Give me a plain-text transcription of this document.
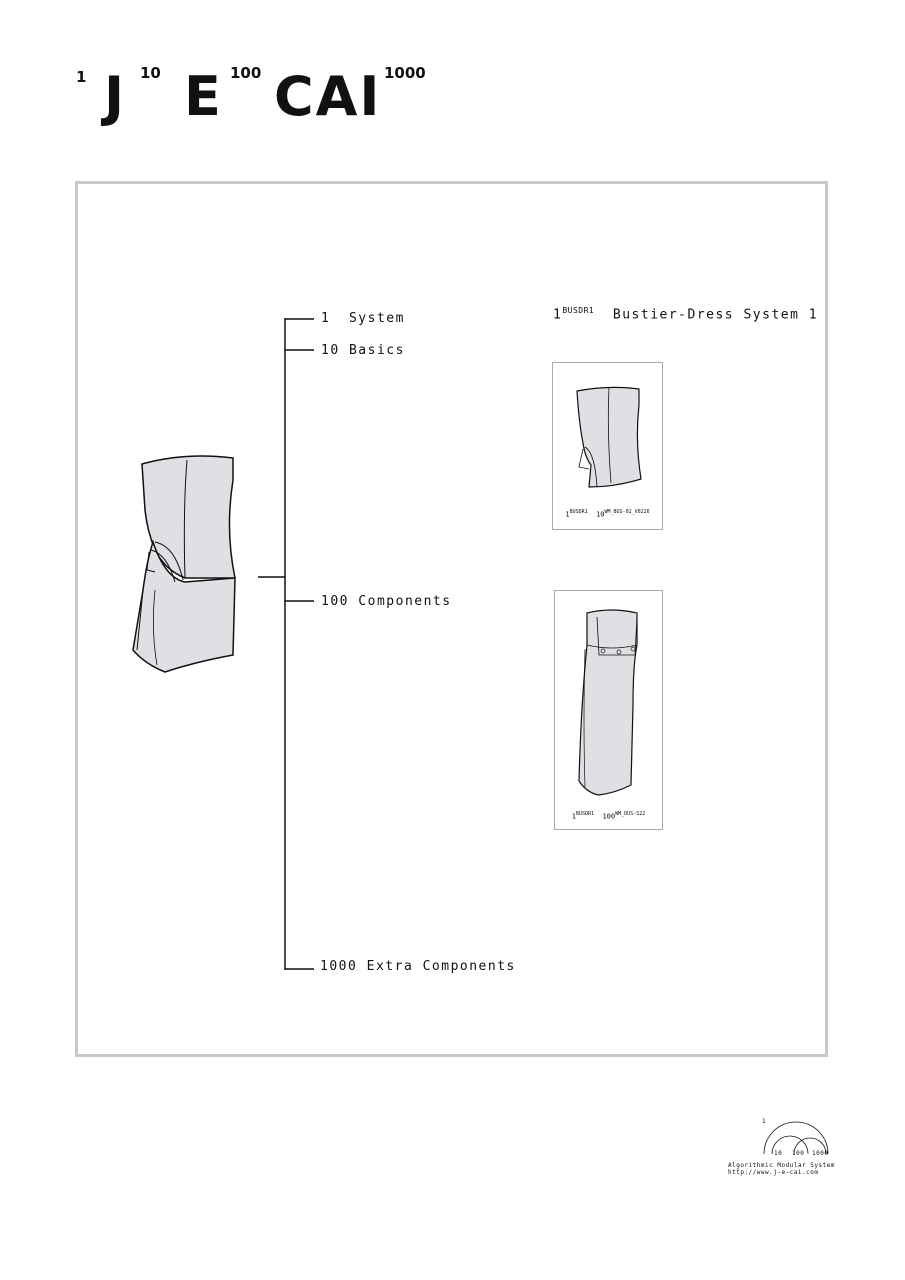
1 J 10 E 100 CAI 1000
1  System
10 Basics
100 Components
1000 Extra Components
$1^{BUSDR1}$ Bustier-Dress System 1
$1^{BUSDR1}$ $10^{WM\_BUS-02\_V0226}$
$1^{BUSDR1}$ $100^{WM\_DUS-S22}$
1
10 100 1000
Algorithmic Modular System
http://www.j-e-cai.com
